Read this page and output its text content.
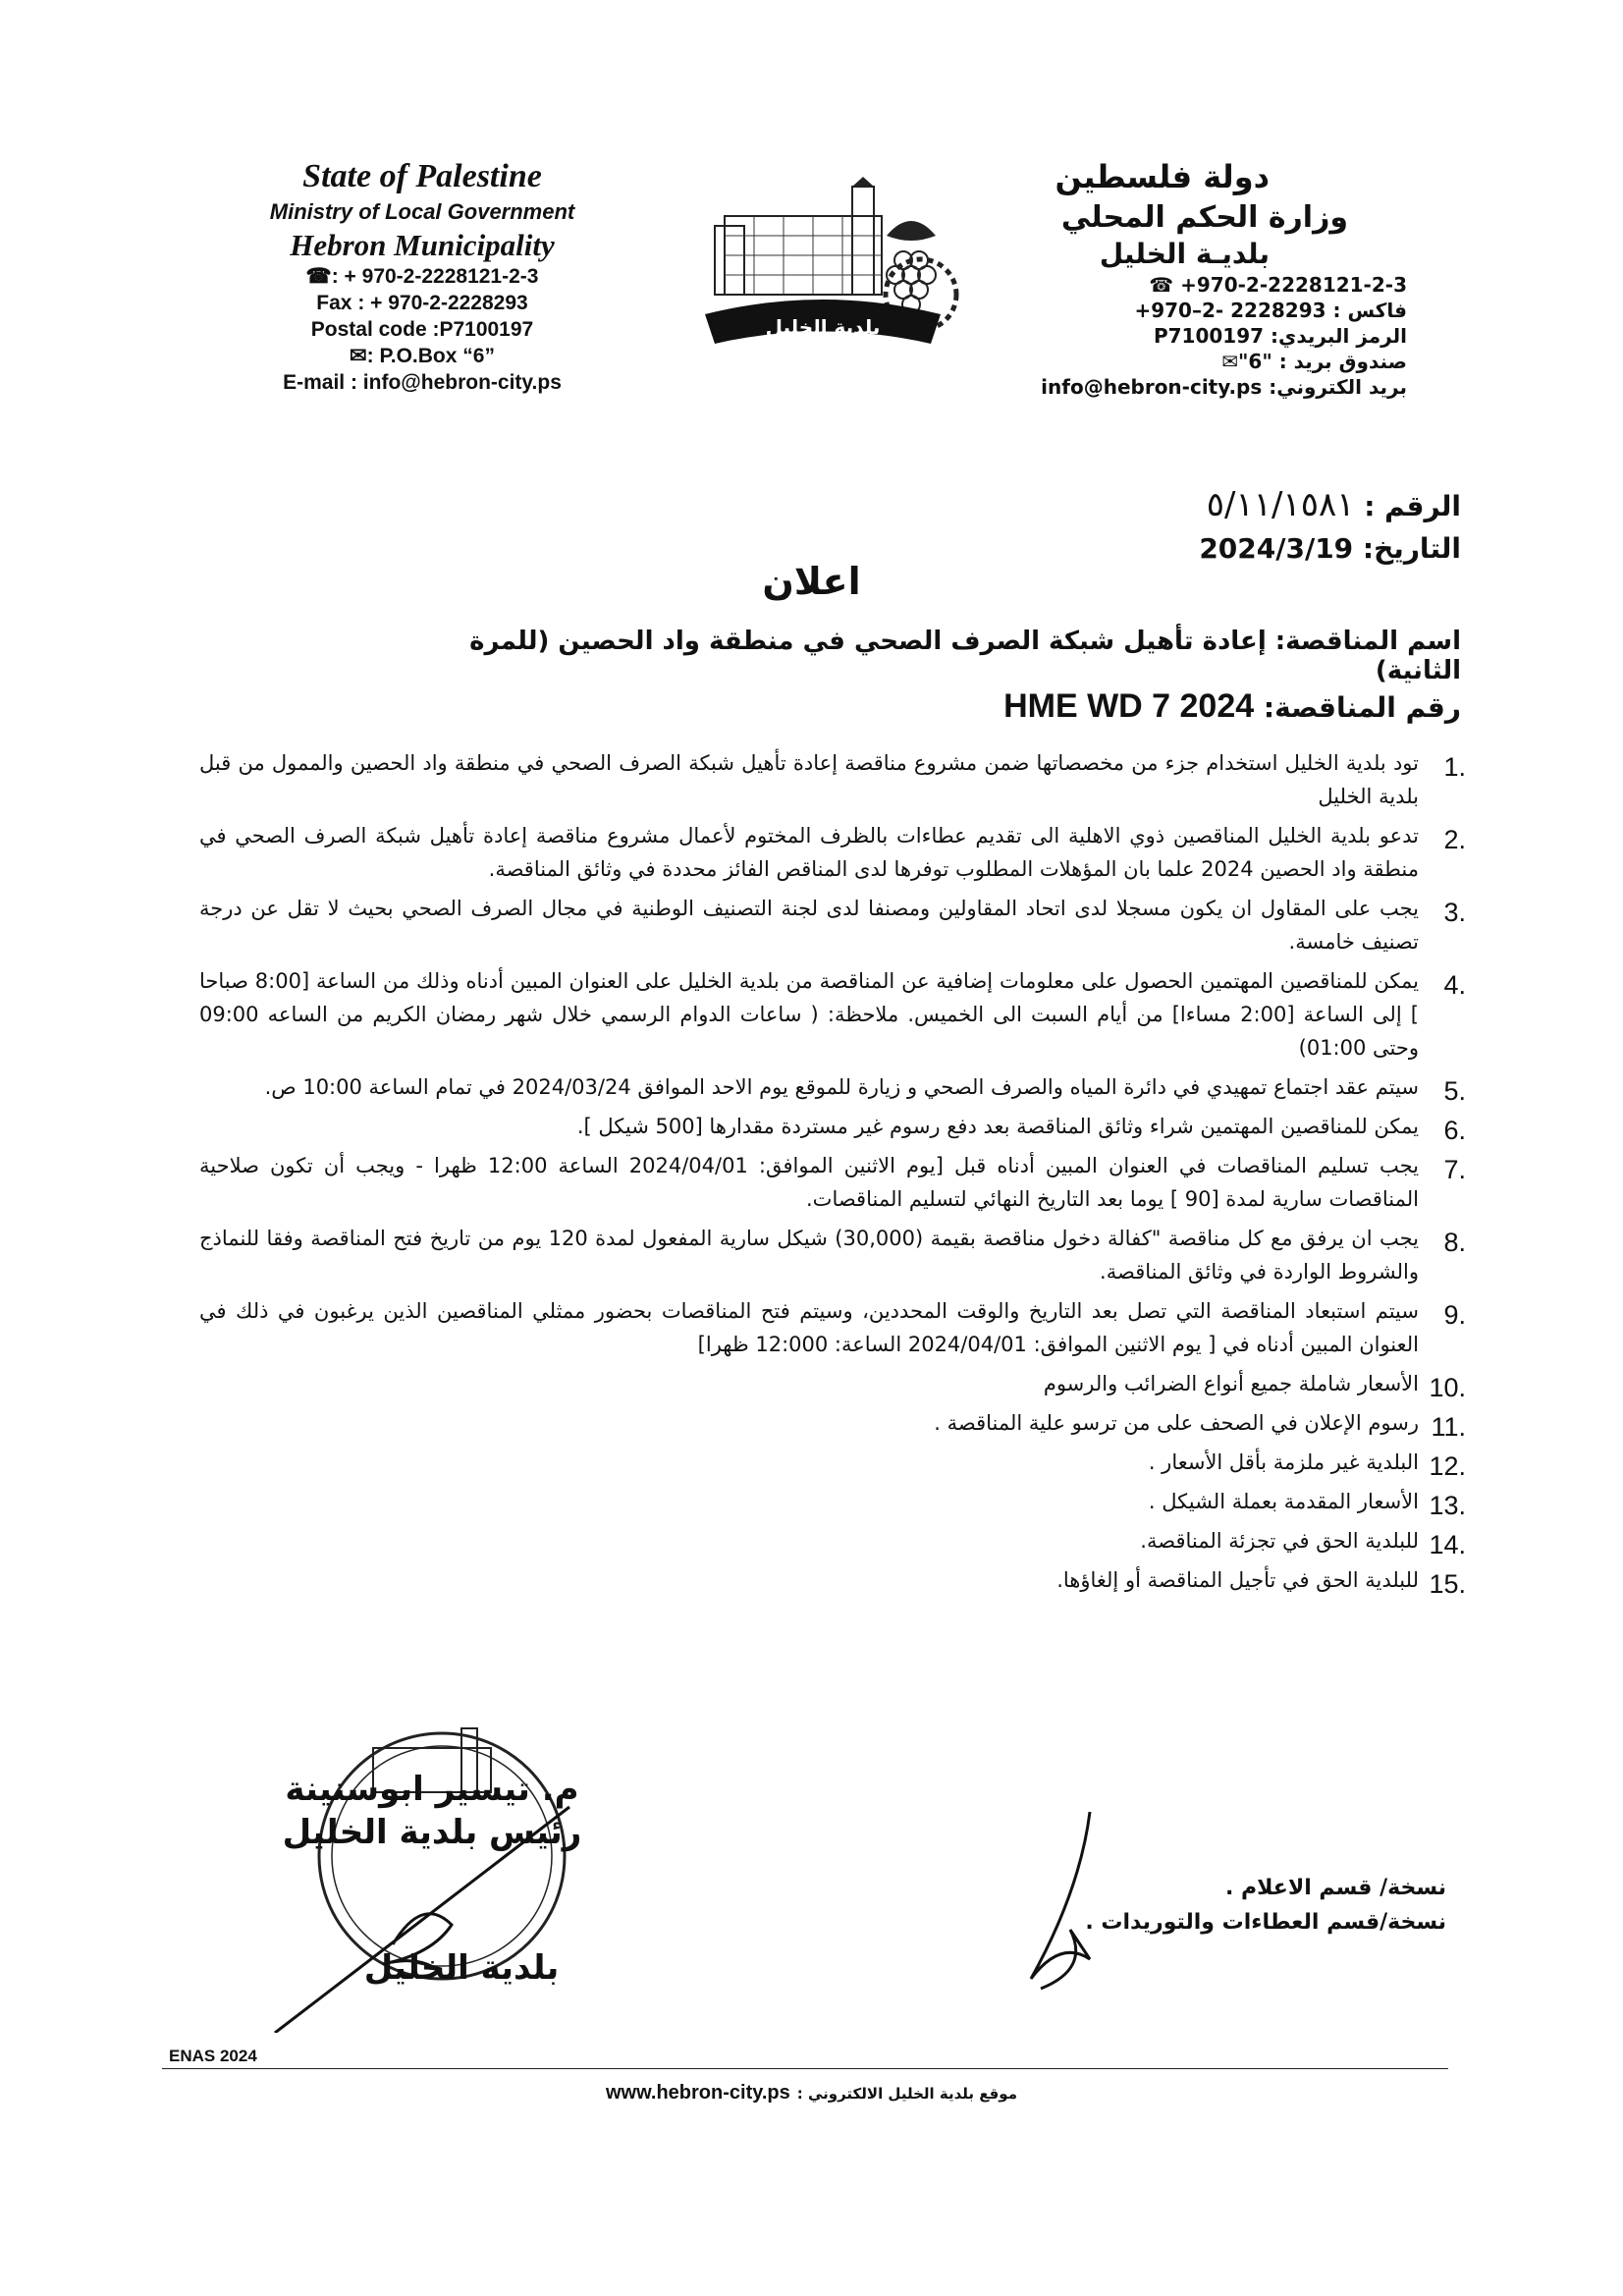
State of Palestine
Ministry of Local Government
Hebron Municipality
☎: + 970-2-2228121-2-3
Fax : + 970-2-2228293
Postal code :P7100197
✉: P.O.Box “6”
E-mail : info@hebron-city.ps
بلدية الخليل
دولة فلسطين
وزارة الحكم المحلي
بلديـة الخليل
+970-2-2228121-2-3 ☎
فاكس : +970–2- 2228293
الرمز البريدي: P7100197
صندوق بريد : "6"✉
بريد الكتروني: info@hebron-city.ps
الرقم : ٥/١١/١٥٨١
التاريخ: 2024/3/19
اعلان
اسم المناقصة: إعادة تأهيل شبكة الصرف الصحي في منطقة واد الحصين (للمرة الثانية)
رقم المناقصة: HME WD 7 2024
1.
تود بلدية الخليل استخدام جزء من مخصصاتها ضمن مشروع مناقصة إعادة تأهيل شبكة الصرف الصحي في منطقة واد الحصين والممول من قبل بلدية الخليل
2.
تدعو بلدية الخليل المناقصين ذوي الاهلية الى تقديم عطاءات بالظرف المختوم لأعمال مشروع مناقصة إعادة تأهيل شبكة الصرف الصحي في منطقة واد الحصين 2024 علما بان المؤهلات المطلوب توفرها لدى المناقص الفائز محددة في وثائق المناقصة.
3.
يجب على المقاول ان يكون مسجلا لدى اتحاد المقاولين ومصنفا لدى لجنة التصنيف الوطنية في مجال الصرف الصحي بحيث لا تقل عن درجة تصنيف خامسة.
4.
يمكن للمناقصين المهتمين الحصول على معلومات إضافية عن المناقصة من بلدية الخليل على العنوان المبين أدناه وذلك من الساعة [8:00 صباحا ] إلى الساعة [2:00 مساءا] من أيام السبت الى الخميس. ملاحظة: ( ساعات الدوام الرسمي خلال شهر رمضان الكريم من الساعه 09:00 وحتى 01:00)
5.
سيتم عقد اجتماع تمهيدي في دائرة المياه والصرف الصحي و زيارة للموقع يوم الاحد الموافق 2024/03/24 في تمام الساعة 10:00 ص.
6.
يمكن للمناقصين المهتمين شراء وثائق المناقصة بعد دفع رسوم غير مستردة مقدارها [500 شيكل ].
7.
يجب تسليم المناقصات في العنوان المبين أدناه قبل [يوم الاثنين الموافق: 2024/04/01 الساعة 12:00 ظهرا - ويجب أن تكون صلاحية المناقصات سارية لمدة [90 ] يوما بعد التاريخ النهائي لتسليم المناقصات.
8.
يجب ان يرفق مع كل مناقصة "كفالة دخول مناقصة بقيمة (30,000) شيكل سارية المفعول لمدة 120 يوم من تاريخ فتح المناقصة وفقا للنماذج والشروط الواردة في وثائق المناقصة.
9.
سيتم استبعاد المناقصة التي تصل بعد التاريخ والوقت المحددين، وسيتم فتح المناقصات بحضور ممثلي المناقصين الذين يرغبون في ذلك في العنوان المبين أدناه في [ يوم الاثنين الموافق: 2024/04/01 الساعة: 12:000 ظهرا]
10.
الأسعار شاملة جميع أنواع الضرائب والرسوم
11.
رسوم الإعلان في الصحف على من ترسو علية المناقصة .
12.
البلدية غير ملزمة بأقل الأسعار .
13.
الأسعار المقدمة بعملة الشيكل .
14.
للبلدية الحق في تجزئة المناقصة.
15.
للبلدية الحق في تأجيل المناقصة أو إلغاؤها.
بلدية الخليل
م. تيسير ابوسنينة
رئيس بلدية الخليل
نسخة/ قسم الاعلام .
نسخة/قسم العطاءات والتوريدات .
ENAS 2024
موقع بلدية الخليل الالكتروني : www.hebron-city.ps
